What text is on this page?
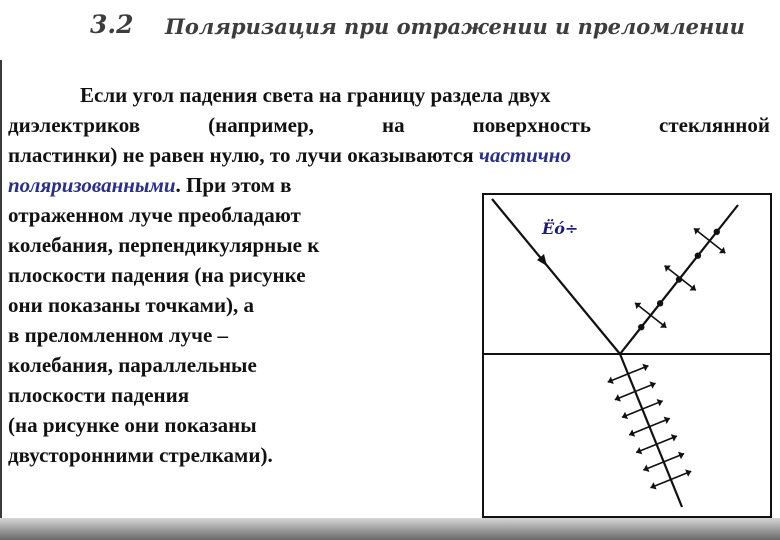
3.2 Поляризация при отражении и преломлении
Если угол падения света на границу раздела двух
диэлектриков (например, на поверхность стеклянной
пластинки) не равен нулю, то лучи оказываются частично
поляризованными. При этом в
отраженном луче преобладают
колебания, перпендикулярные к
плоскости падения (на рисунке
они показаны точками), а
в преломленном луче –
колебания, параллельные
плоскости падения
(на рисунке они показаны
двусторонними стрелками).
Ëó÷
